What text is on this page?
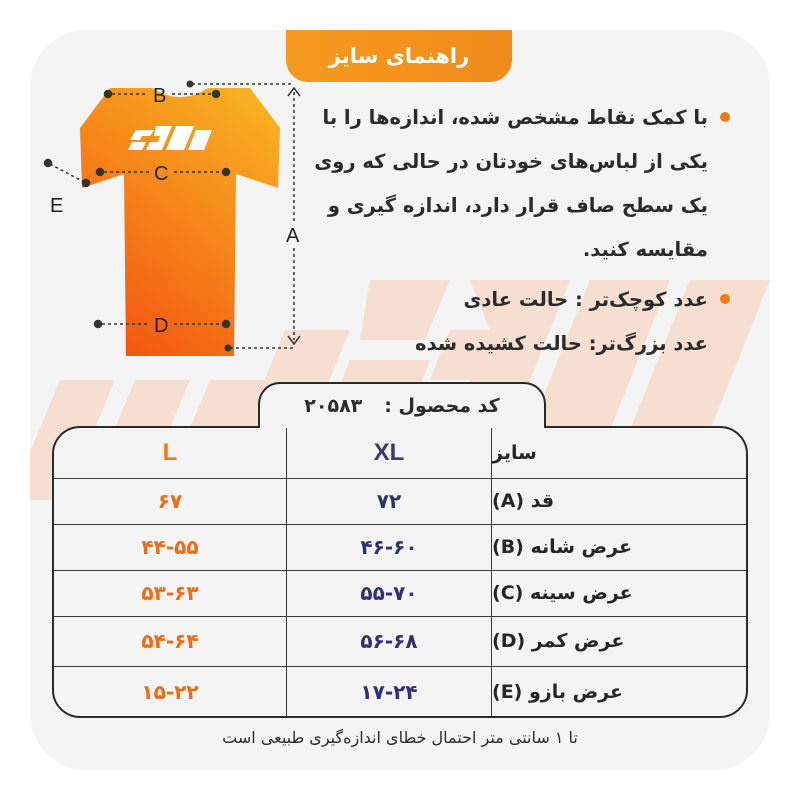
راهنمای سایز
B
C
E
D
A
با کمک نقاط مشخص شده، اندازه‌ها را با یکی از لباس‌های خودتان در حالی که روی یک سطح صاف قرار دارد، اندازه گیری و مقایسه کنید.
عدد کوچک‌تر : حالت عادی
عدد بزرگ‌تر: حالت کشیده شده
کد محصول :
۲۰۵۸۳
L	XL	سایز
۶۷	۷۲	قد (A)
۴۴-۵۵	۴۶-۶۰	عرض شانه (B)
۵۳-۶۳	۵۵-۷۰	عرض سینه (C)
۵۴-۶۴	۵۶-۶۸	عرض کمر (D)
۱۵-۲۲	۱۷-۲۴	عرض بازو (E)
تا ۱ سانتی متر احتمال خطای اندازه‌گیری طبیعی است
